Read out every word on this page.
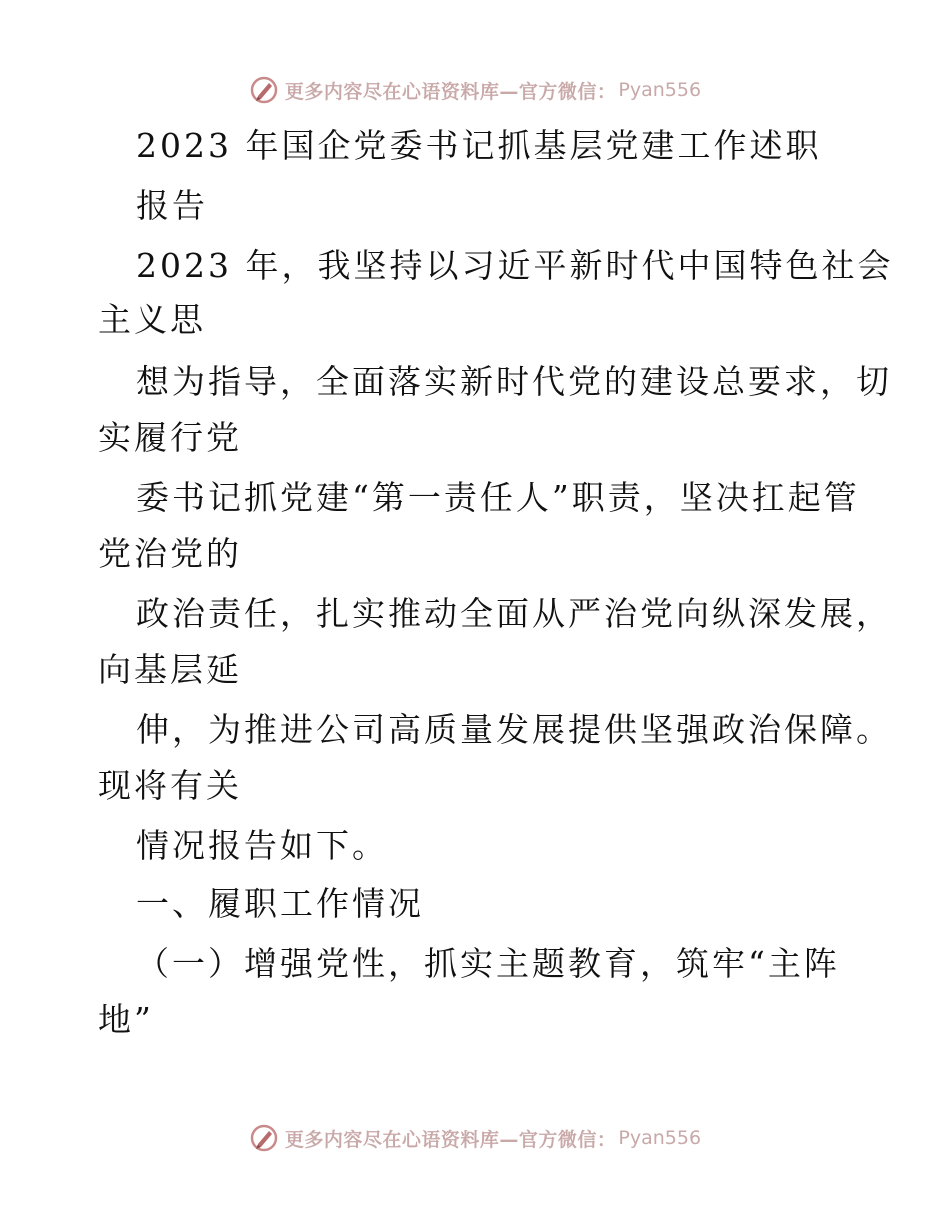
更多内容尽在心语资料库—官方微信： Pyan556
2023 年国企党委书记抓基层党建工作述职
报告
2023 年，我坚持以习近平新时代中国特色社会
主义思
想为指导，全面落实新时代党的建设总要求，切
实履行党
委书记抓党建“第一责任人”职责，坚决扛起管
党治党的
政治责任，扎实推动全面从严治党向纵深发展，
向基层延
伸，为推进公司高质量发展提供坚强政治保障。
现将有关
情况报告如下。
一、履职工作情况
（一）增强党性，抓实主题教育，筑牢“主阵
地”
更多内容尽在心语资料库—官方微信： Pyan556
